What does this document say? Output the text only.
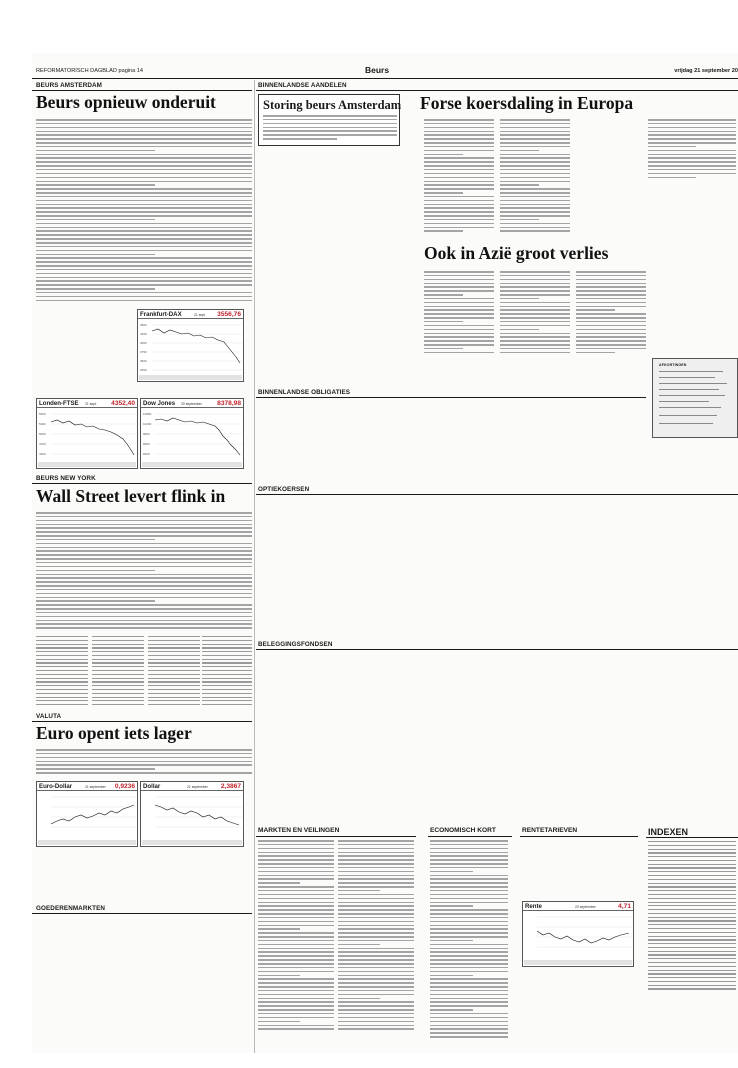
REFORMATORISCH DAGBLAD pagina 14	Beurs	vrijdag 21 september 20
BEURS AMSTERDAM
Beurs opnieuw onderuit
Frankfurt-DAX	21 sept. 3556,76
4500
4250
4000
3750
3500
3250
Londen-FTSE 21 sept. 4352,40
5600
5300
5000
4700
4400
Dow Jones 20 september 8378,98
10800
10200
9600
9000
8400
BEURS NEW YORK
Wall Street levert flink in
VALUTA
Euro opent iets lager
Euro-Dollar	21 september 0,9236 Dollar	21 september 2,3867
GOEDERENMARKTEN
BINNENLANDSE AANDELEN
Storing beurs Amsterdam Forse koersdaling in Europa
Ook in Azië groot verlies
AFKORTINGEN
BINNENLANDSE OBLIGATIES
OPTIEKOERSEN
BELEGGINGSFONDSEN
MARKTEN EN VEILINGEN	ECONOMISCH KORT	RENTETARIEVEN
Rente	20 september	4,71
INDEXEN
